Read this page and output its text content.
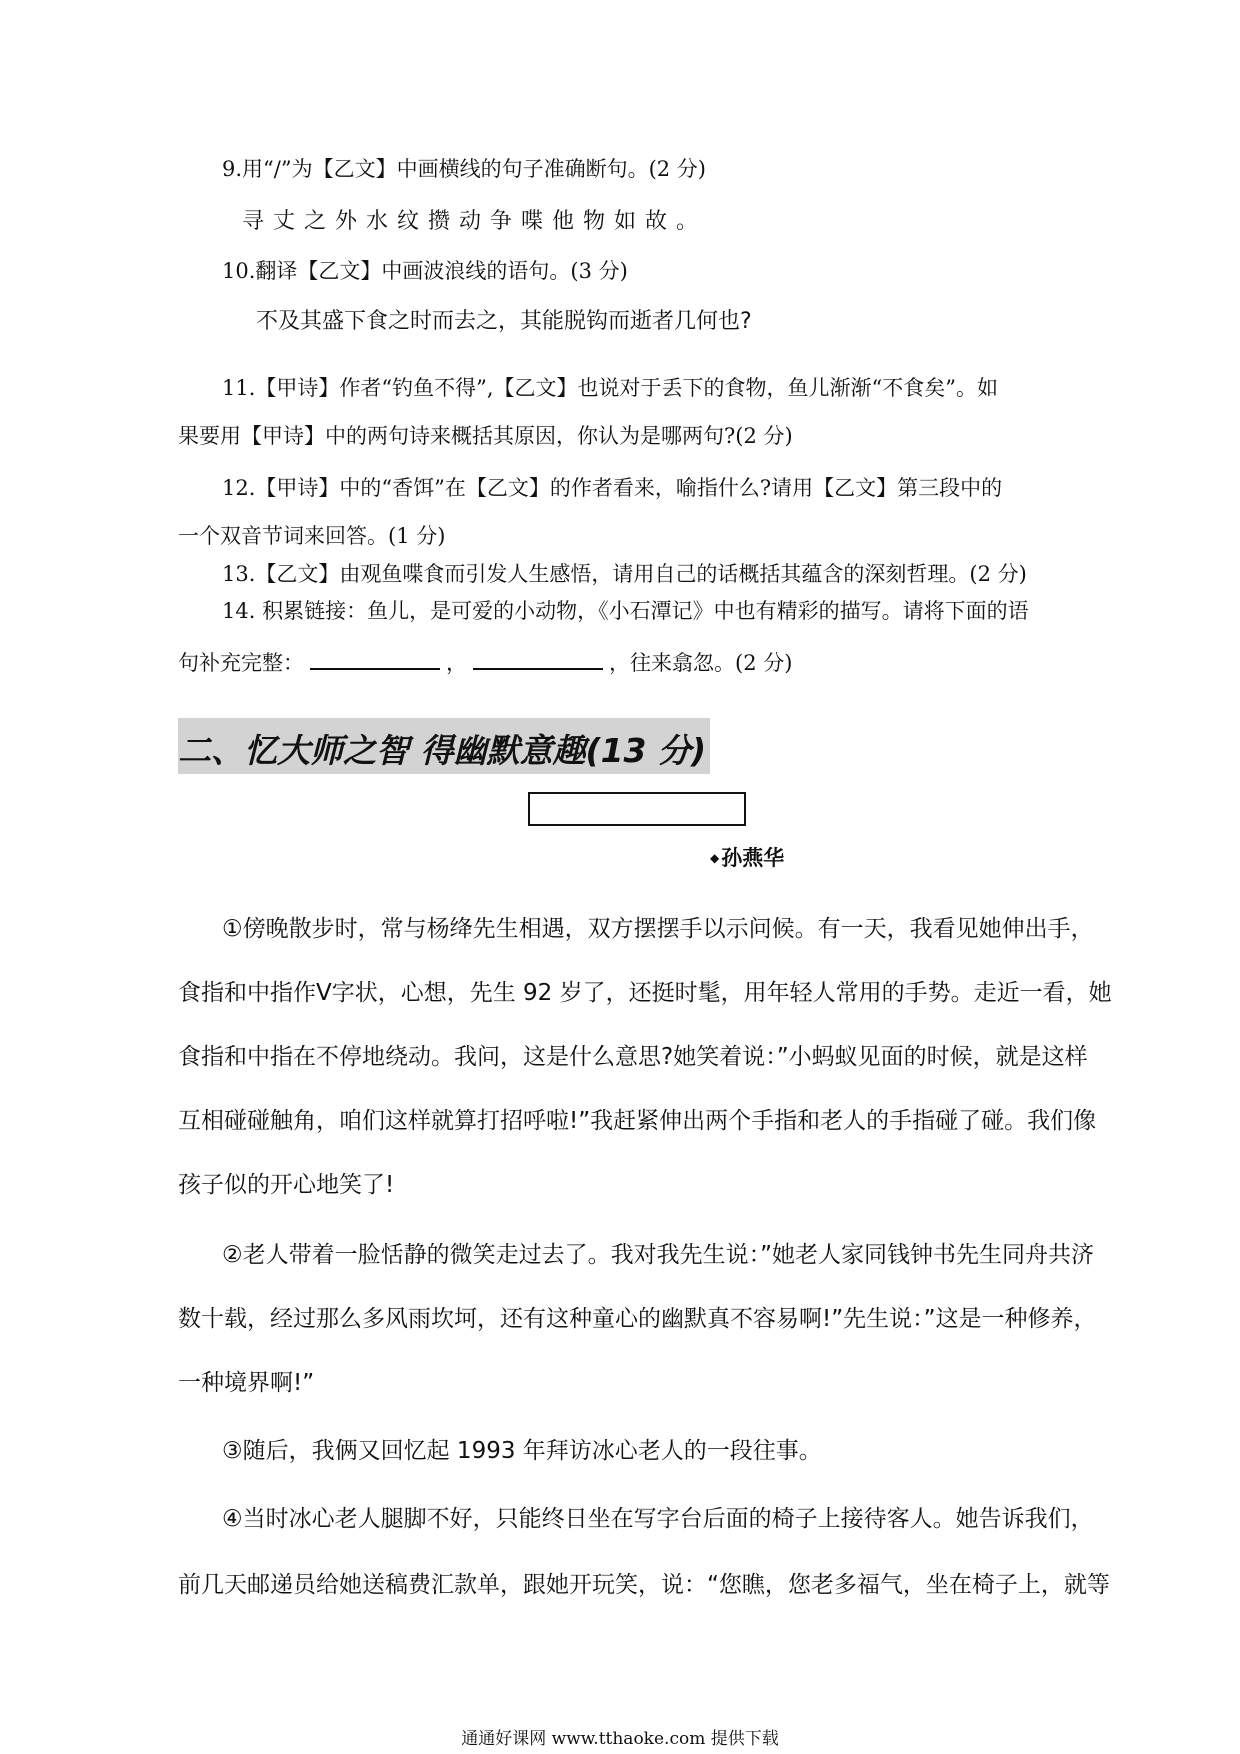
9.用“/”为【乙文】中画横线的句子准确断句。(2 分)
寻丈之外水纹攒动争喋他物如故。
10.翻译【乙文】中画波浪线的语句。(3 分)
不及其盛下食之时而去之，其能脱钩而逝者几何也?
11.【甲诗】作者“钓鱼不得”,【乙文】也说对于丢下的食物，鱼儿渐渐“不食矣”。如
果要用【甲诗】中的两句诗来概括其原因，你认为是哪两句?(2 分)
12.【甲诗】中的“香饵”在【乙文】的作者看来，喻指什么?请用【乙文】第三段中的
一个双音节词来回答。(1 分)
13.【乙文】由观鱼喋食而引发人生感悟，请用自己的话概括其蕴含的深刻哲理。(2 分)
14. 积累链接：鱼儿，是可爱的小动物，《小石潭记》中也有精彩的描写。请将下面的语
句补充完整：	，	，往来翕忽。(2 分)
二、忆大师之智 得幽默意趣(13 分)
◆孙燕华
①傍晚散步时，常与杨绛先生相遇，双方摆摆手以示问候。有一天，我看见她伸出手，
食指和中指作Ⅴ字状，心想，先生 92 岁了，还挺时髦，用年轻人常用的手势。走近一看，她
食指和中指在不停地绕动。我问，这是什么意思?她笑着说：”小蚂蚁见面的时候，就是这样
互相碰碰触角，咱们这样就算打招呼啦!”我赶紧伸出两个手指和老人的手指碰了碰。我们像
孩子似的开心地笑了!
②老人带着一脸恬静的微笑走过去了。我对我先生说：”她老人家同钱钟书先生同舟共济
数十载，经过那么多风雨坎坷，还有这种童心的幽默真不容易啊!”先生说：”这是一种修养，
一种境界啊!”
③随后，我俩又回忆起 1993 年拜访冰心老人的一段往事。
④当时冰心老人腿脚不好，只能终日坐在写字台后面的椅子上接待客人。她告诉我们，
前几天邮递员给她送稿费汇款单，跟她开玩笑，说：“您瞧，您老多福气，坐在椅子上，就等
通通好课网 www.tthaoke.com 提供下载
